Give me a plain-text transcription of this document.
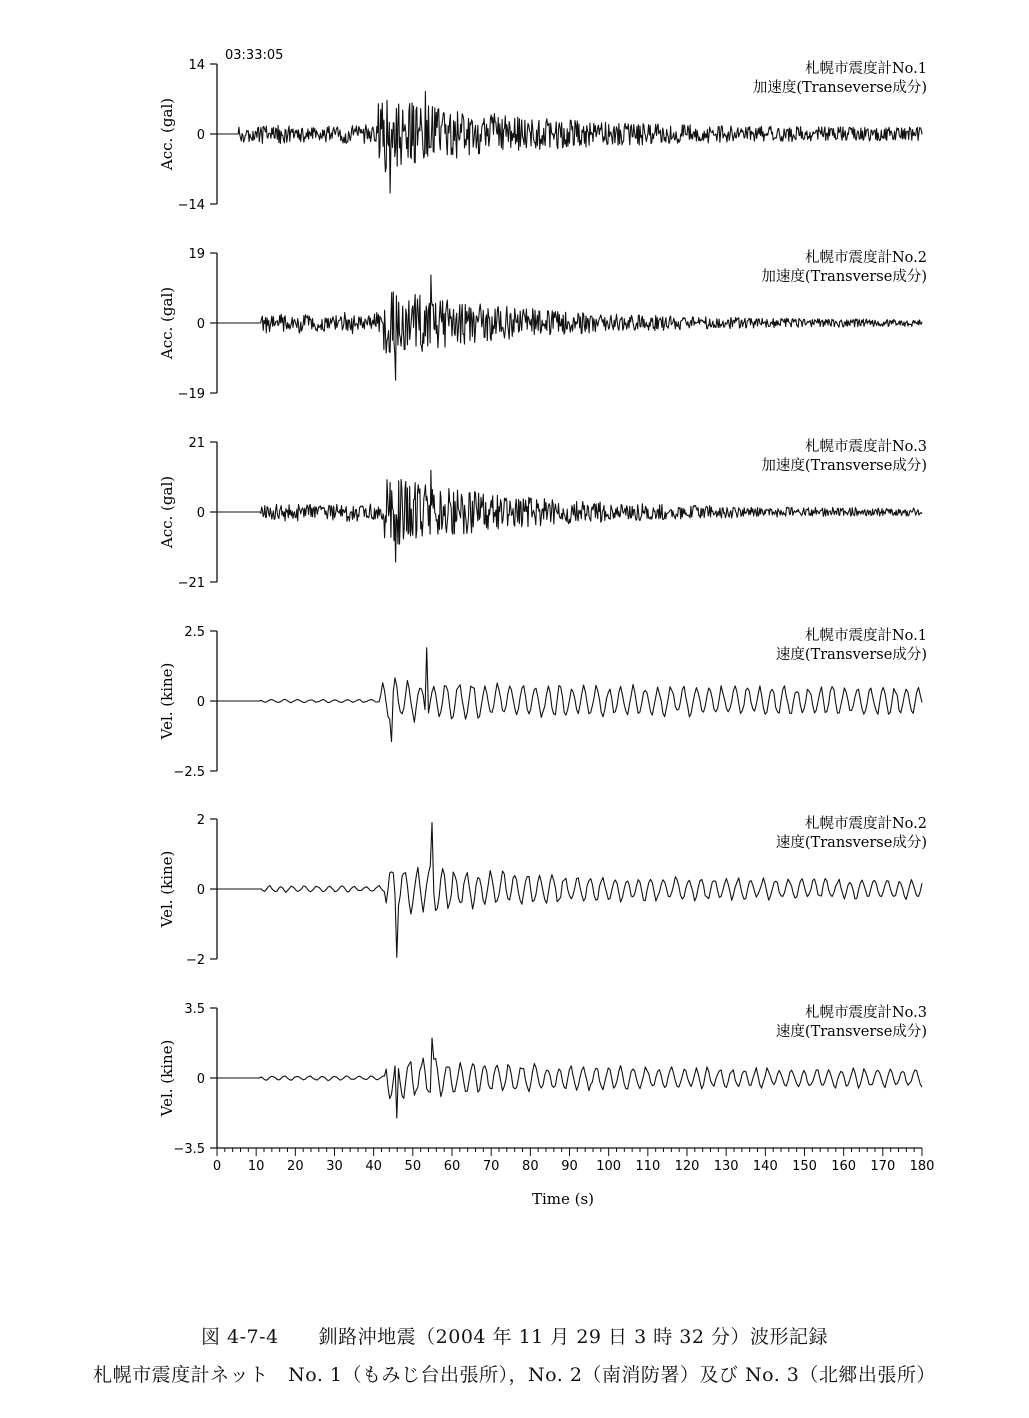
14
0
−14
Acc. (gal)
札幌市震度計No.1
加速度(Transeverse成分)
19
0
−19
Acc. (gal)
札幌市震度計No.2
加速度(Transverse成分)
21
0
−21
Acc. (gal)
札幌市震度計No.3
加速度(Transverse成分)
2.5
0
−2.5
Vel. (kine)
札幌市震度計No.1
速度(Transverse成分)
2
0
−2
Vel. (kine)
札幌市震度計No.2
速度(Transverse成分)
3.5
0
−3.5
Vel. (kine)
札幌市震度計No.3
速度(Transverse成分)
0 10 20 30 40 50 60 70 80 90 100 110 120 130 140 150 160 170 180
03:33:05
Time (s)
図 4-7-4 釧路沖地震（2004 年 11 月 29 日 3 時 32 分）波形記録
札幌市震度計ネット　No. 1（もみじ台出張所），No. 2（南消防署）及び No. 3（北郷出張所）
